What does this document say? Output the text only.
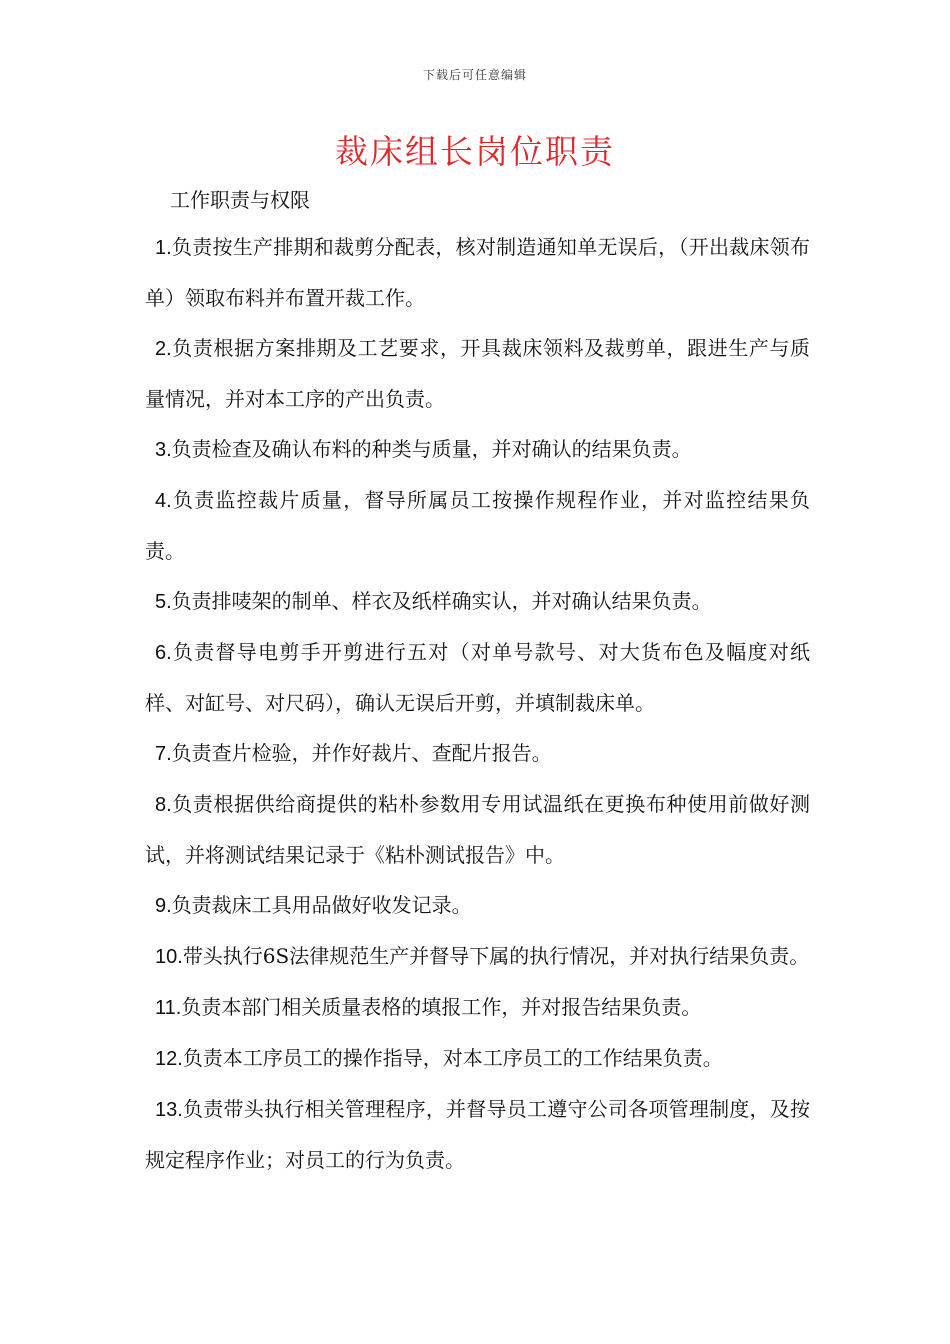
下载后可任意编辑
裁床组长岗位职责
工作职责与权限
1.负责按生产排期和裁剪分配表，核对制造通知单无误后，（开出裁床领布单）领取布料并布置开裁工作。
2.负责根据方案排期及工艺要求，开具裁床领料及裁剪单，跟进生产与质量情况，并对本工序的产出负责。
3.负责检查及确认布料的种类与质量，并对确认的结果负责。
4.负责监控裁片质量，督导所属员工按操作规程作业，并对监控结果负责。
5.负责排唛架的制单、样衣及纸样确实认，并对确认结果负责。
6.负责督导电剪手开剪进行五对（对单号款号、对大货布色及幅度对纸样、对缸号、对尺码），确认无误后开剪，并填制裁床单。
7.负责查片检验，并作好裁片、查配片报告。
8.负责根据供给商提供的粘朴参数用专用试温纸在更换布种使用前做好测试，并将测试结果记录于《粘朴测试报告》中。
9.负责裁床工具用品做好收发记录。
10.带头执行6S法律规范生产并督导下属的执行情况，并对执行结果负责。
11.负责本部门相关质量表格的填报工作，并对报告结果负责。
12.负责本工序员工的操作指导，对本工序员工的工作结果负责。
13.负责带头执行相关管理程序，并督导员工遵守公司各项管理制度，及按规定程序作业；对员工的行为负责。
